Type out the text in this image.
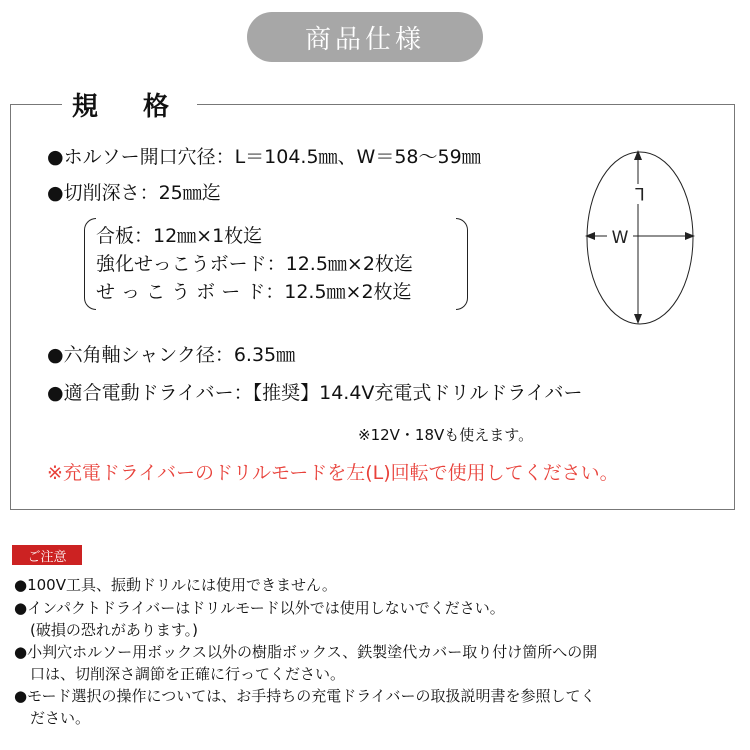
商品仕様
規 格
●ホルソー開口穴径：L＝104.5㎜、W＝58〜59㎜
●切削深さ：25㎜迄
合板：12㎜×1枚迄
強化せっこうボード：12.5㎜×2枚迄
せ っ こ う ボ ー ド：12.5㎜×2枚迄
●六角軸シャンク径：6.35㎜
●適合電動ドライバー：【推奨】14.4V充電式ドリルドライバー
※12V・18Vも使えます。
※充電ドライバーのドリルモードを左(L)回転で使用してください。
L
W
ご注意
●100V工具、振動ドリルには使用できません。
●インパクトドライバーはドリルモード以外では使用しないでください。
(破損の恐れがあります。)
●小判穴ホルソー用ボックス以外の樹脂ボックス、鉄製塗代カバー取り付け箇所への開
口は、切削深さ調節を正確に行ってください。
●モード選択の操作については、お手持ちの充電ドライバーの取扱説明書を参照してく
ださい。
